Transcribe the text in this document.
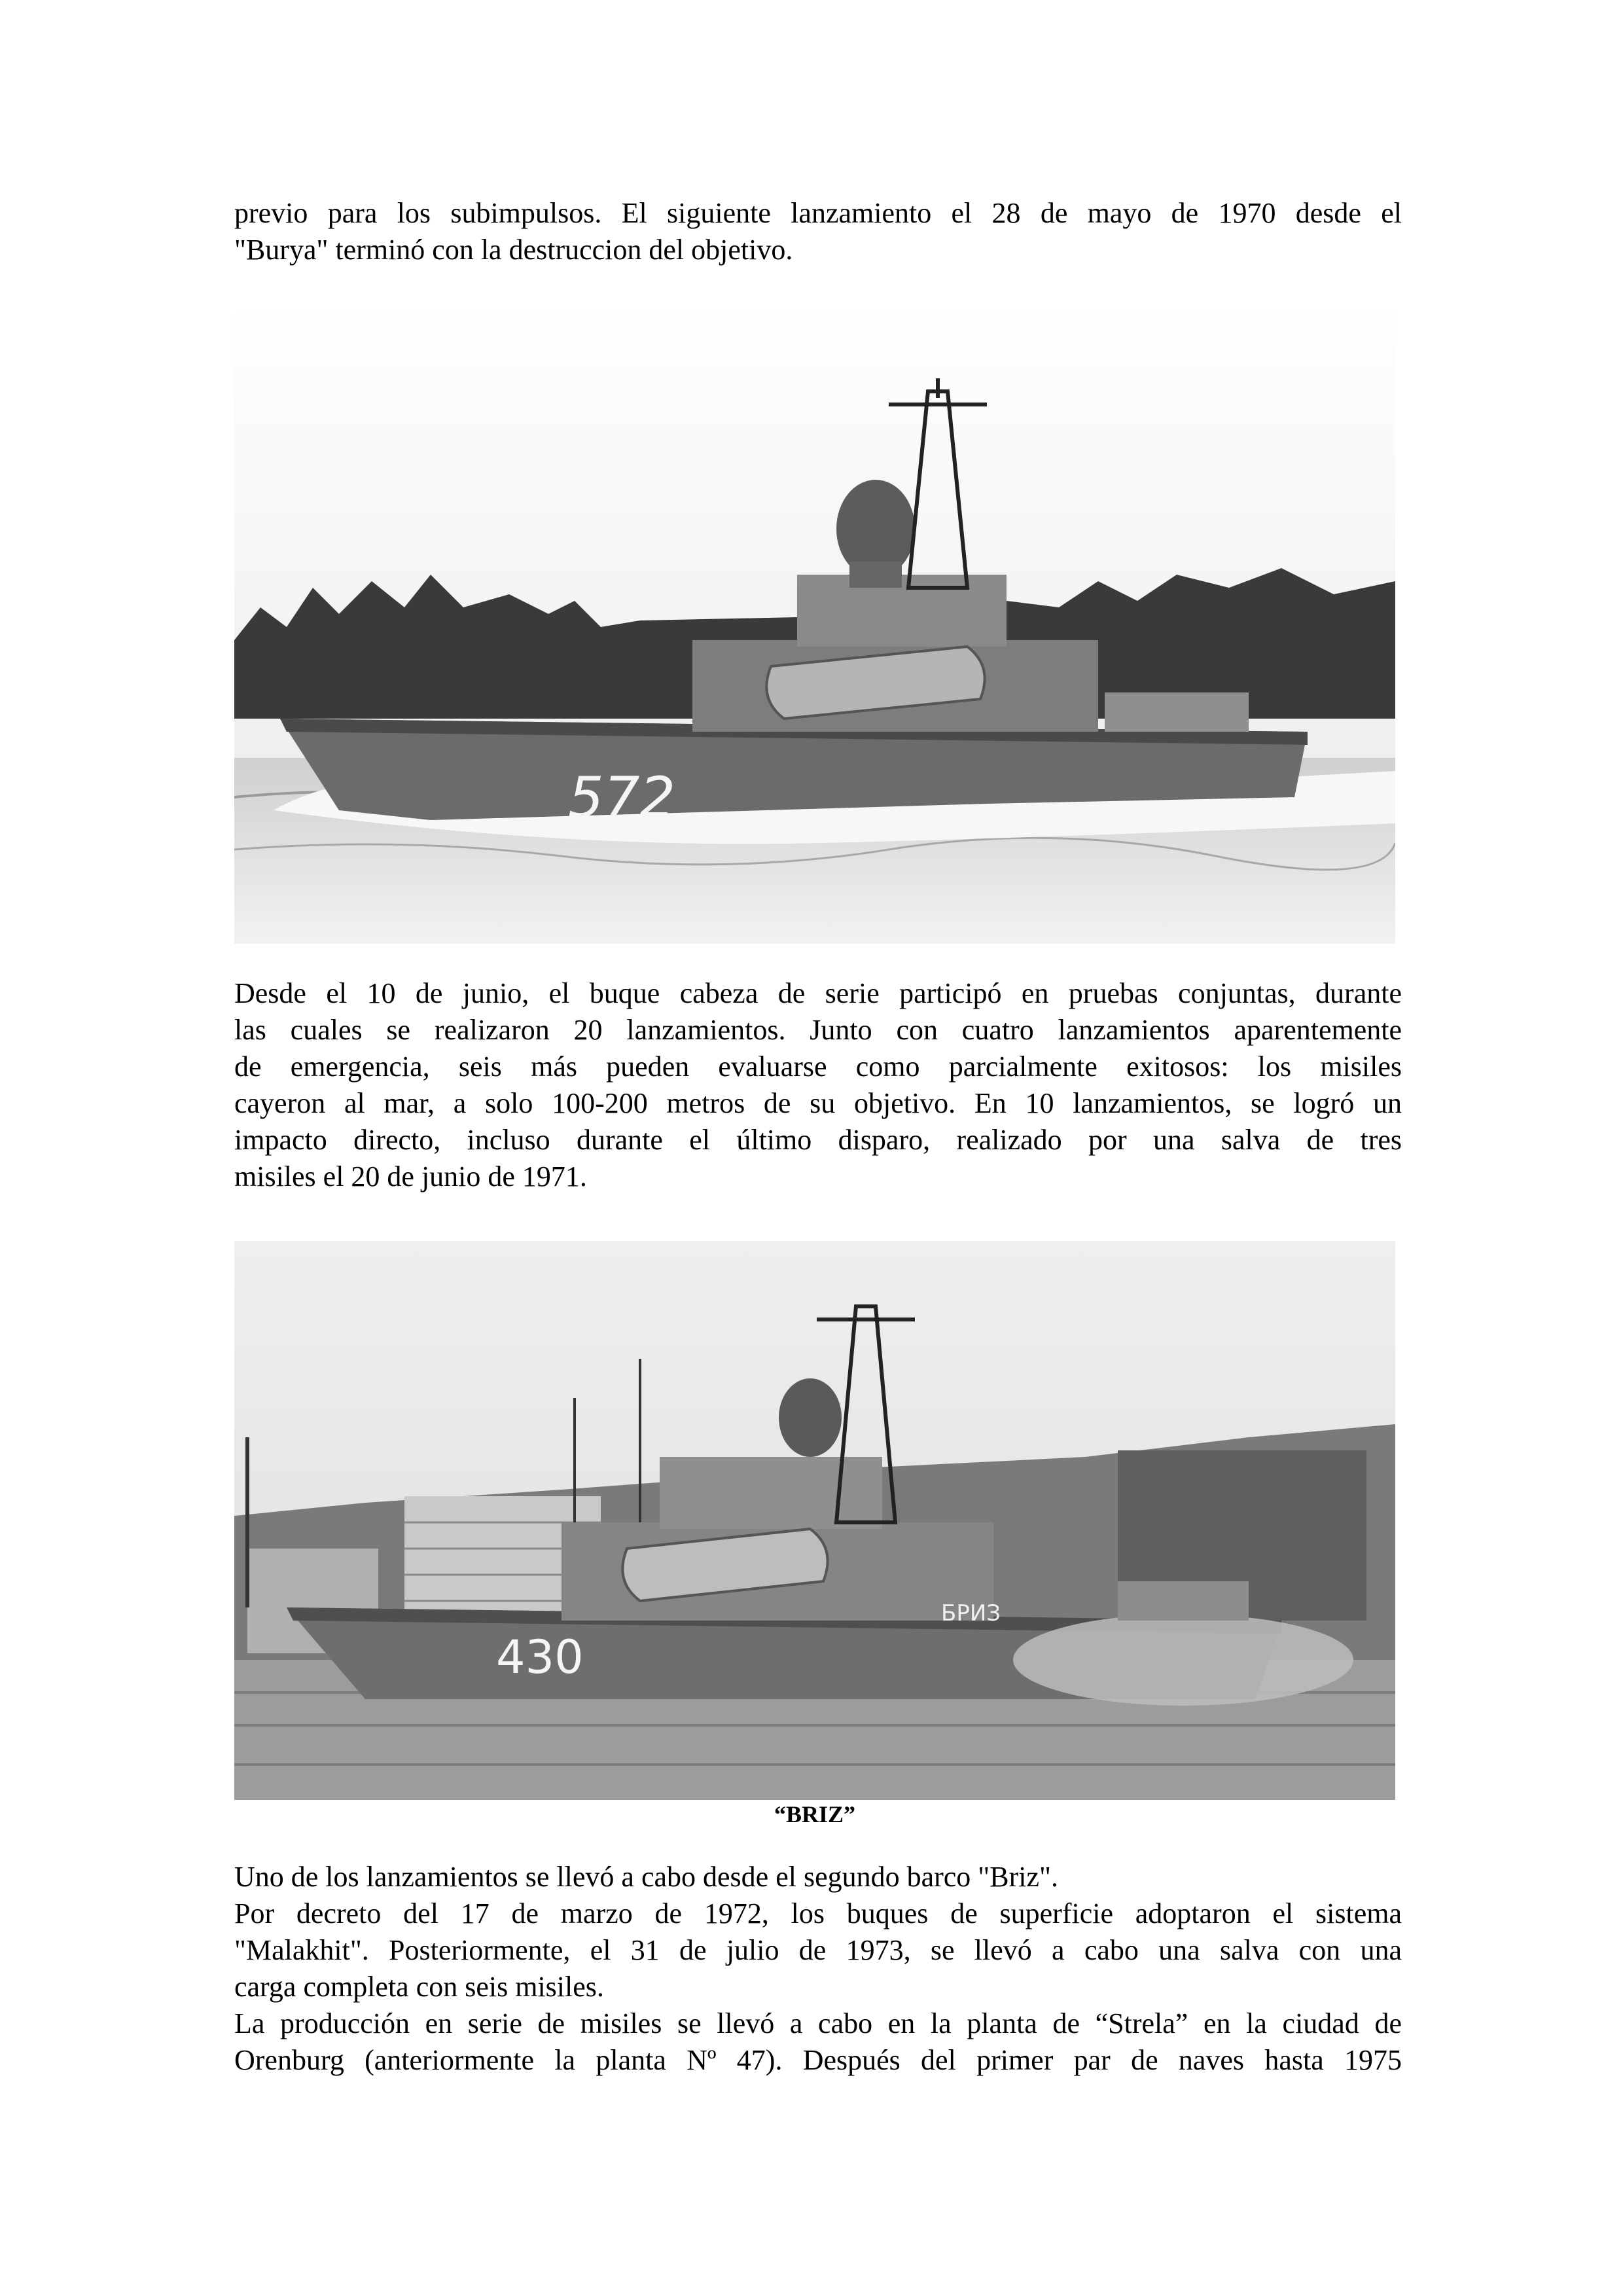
previo para los subimpulsos. El siguiente lanzamiento el 28 de mayo de 1970 desde el
"Burya" terminó con la destruccion del objetivo.
572
Desde el 10 de junio, el buque cabeza de serie participó en pruebas conjuntas, durante
las cuales se realizaron 20 lanzamientos. Junto con cuatro lanzamientos aparentemente
de emergencia, seis más pueden evaluarse como parcialmente exitosos: los misiles
cayeron al mar, a solo 100-200 metros de su objetivo. En 10 lanzamientos, se logró un
impacto directo, incluso durante el último disparo, realizado por una salva de tres
misiles el 20 de junio de 1971.
430
БРИЗ
“BRIZ”
Uno de los lanzamientos se llevó a cabo desde el segundo barco "Briz".
Por decreto del 17 de marzo de 1972, los buques de superficie adoptaron el sistema
"Malakhit". Posteriormente, el 31 de julio de 1973, se llevó a cabo una salva con una
carga completa con seis misiles.
La producción en serie de misiles se llevó a cabo en la planta de “Strela” en la ciudad de
Orenburg (anteriormente la planta Nº 47). Después del primer par de naves hasta 1975
